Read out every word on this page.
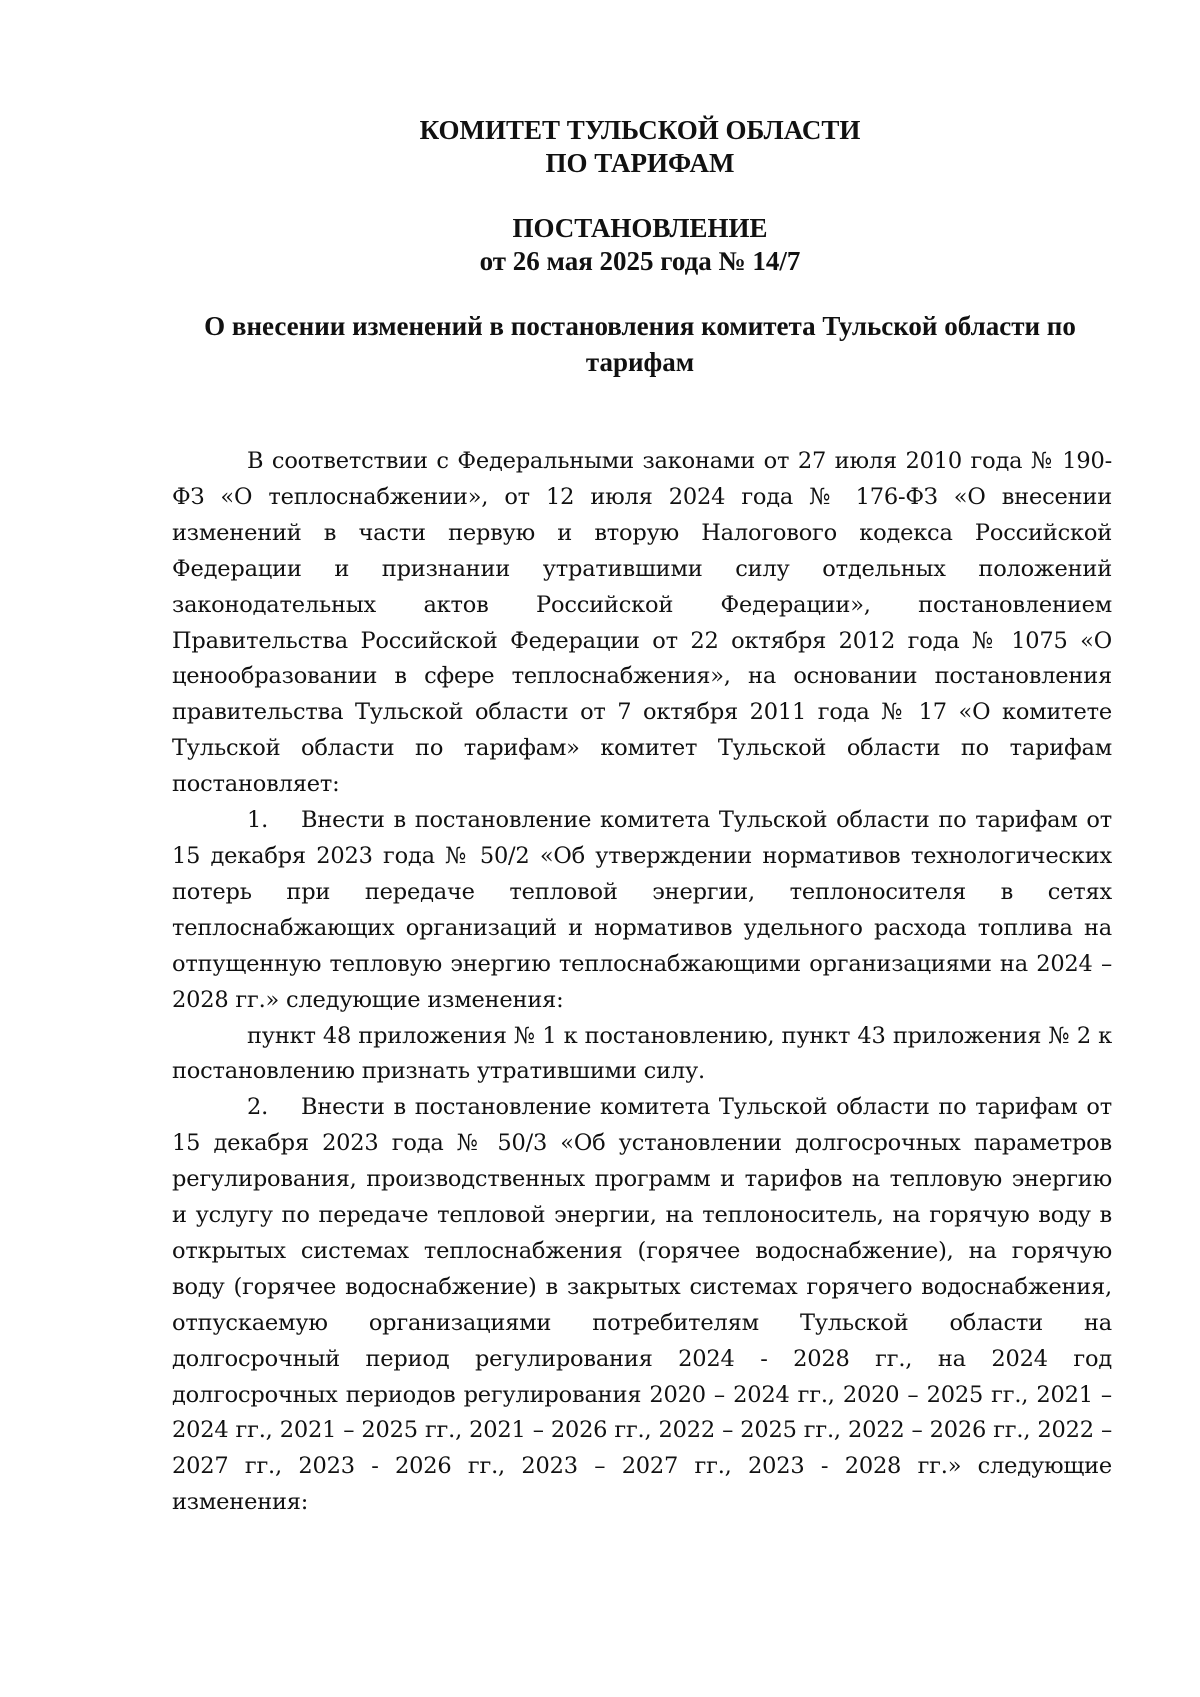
КОМИТЕТ ТУЛЬСКОЙ ОБЛАСТИ
ПО ТАРИФАМ
ПОСТАНОВЛЕНИЕ
от 26 мая 2025 года № 14/7
О внесении изменений в постановления комитета Тульской области по
тарифам

В соответствии с Федеральными законами от 27 июля 2010 года № 190-ФЗ «О теплоснабжении», от 12 июля 2024 года № 176-ФЗ «О внесении изменений в части первую и вторую Налогового кодекса Российской Федерации и признании утратившими силу отдельных положений законодательных актов Российской Федерации», постановлением Правительства Российской Федерации от 22 октября 2012 года № 1075 «О ценообразовании в сфере теплоснабжения», на основании постановления правительства Тульской области от 7 октября 2011 года № 17 «О комитете Тульской области по тарифам» комитет Тульской области по тарифам постановляет:

1. Внести в постановление комитета Тульской области по тарифам от 15 декабря 2023 года № 50/2 «Об утверждении нормативов технологических потерь при передаче тепловой энергии, теплоносителя в сетях теплоснабжающих организаций и нормативов удельного расхода топлива на отпущенную тепловую энергию теплоснабжающими организациями на 2024 – 2028 гг.» следующие изменения:

пункт 48 приложения № 1 к постановлению, пункт 43 приложения № 2 к постановлению признать утратившими силу.

2. Внести в постановление комитета Тульской области по тарифам от 15 декабря 2023 года № 50/3 «Об установлении долгосрочных параметров регулирования, производственных программ и тарифов на тепловую энергию и услугу по передаче тепловой энергии, на теплоноситель, на горячую воду в открытых системах теплоснабжения (горячее водоснабжение), на горячую воду (горячее водоснабжение) в закрытых системах горячего водоснабжения, отпускаемую организациями потребителям Тульской области на долгосрочный период регулирования 2024 - 2028 гг., на 2024 год долгосрочных периодов регулирования 2020 – 2024 гг., 2020 – 2025 гг., 2021 – 2024 гг., 2021 – 2025 гг., 2021 – 2026 гг., 2022 – 2025 гг., 2022 – 2026 гг., 2022 – 2027 гг., 2023 - 2026 гг., 2023 – 2027 гг., 2023 - 2028 гг.» следующие изменения:
